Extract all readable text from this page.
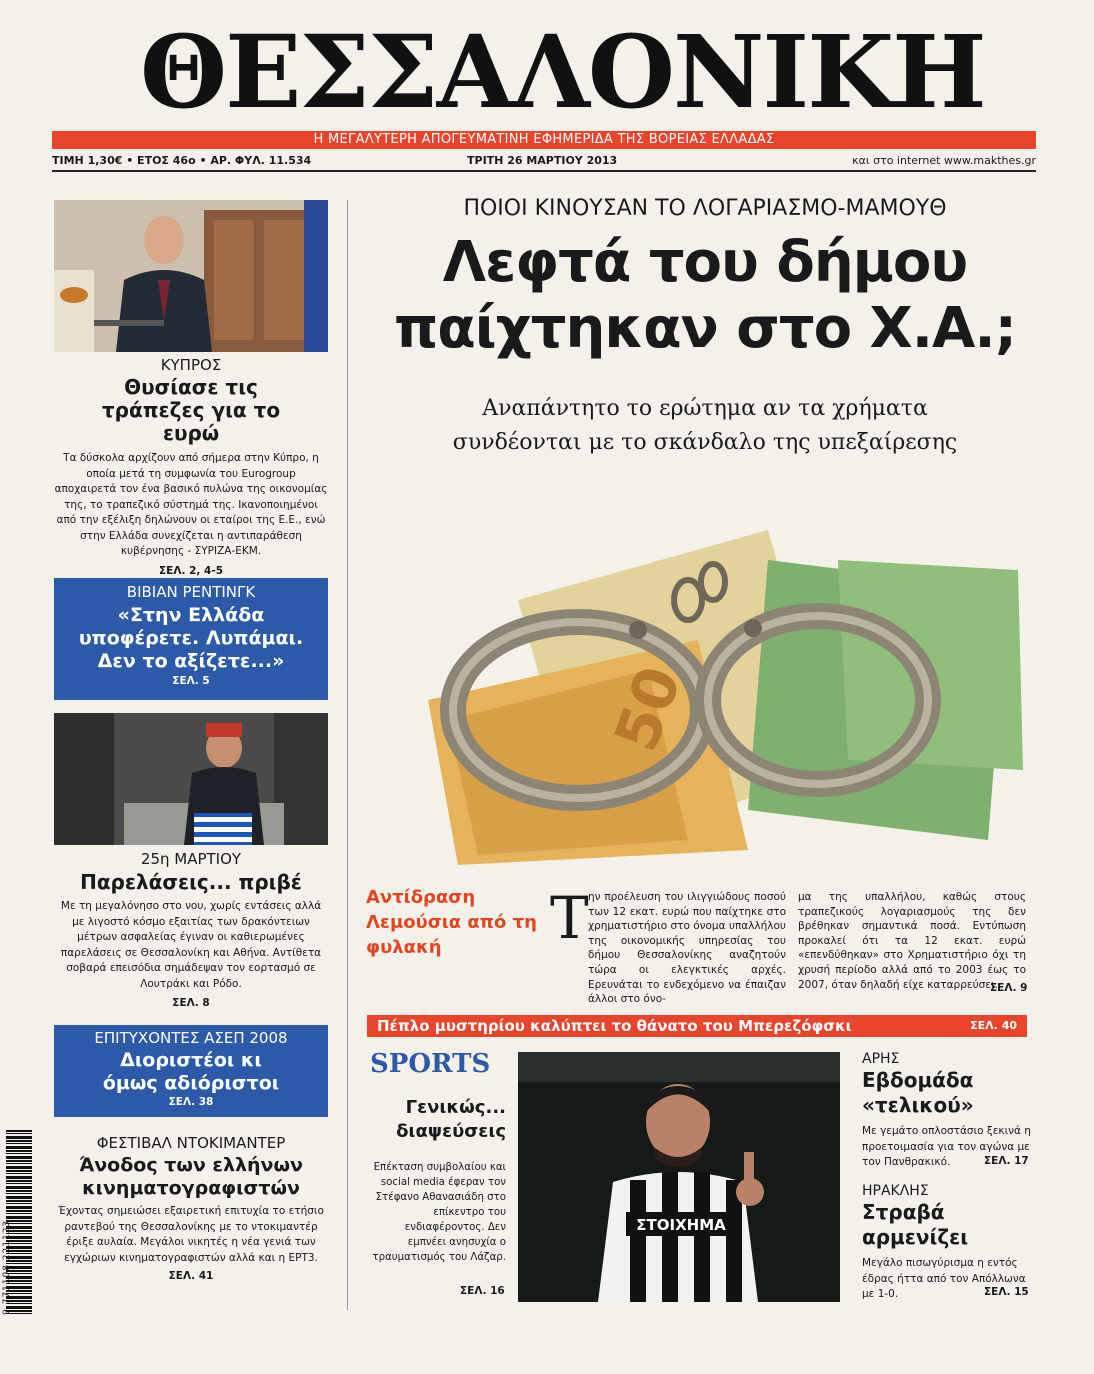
ΘΕΣΣΑΛΟΝΙΚΗ
Η ΜΕΓΑΛΥΤΕΡΗ ΑΠΟΓΕΥΜΑΤΙΝΗ ΕΦΗΜΕΡΙΔΑ ΤΗΣ ΒΟΡΕΙΑΣ ΕΛΛΑΔΑΣ
ΤΙΜΗ 1,30€ • ΕΤΟΣ 46ο • ΑΡ. ΦΥΛ. 11.534	ΤΡΙΤΗ 26 ΜΑΡΤΙΟΥ 2013	και στο internet www.makthes.gr
ΚΥΠΡΟΣ
Θυσίασε τις τράπεζες για το ευρώ
Τα δύσκολα αρχίζουν από σήμερα στην Κύπρο, η οποία μετά τη συμφωνία του Eurogroup αποχαιρετά τον ένα βασικό πυλώνα της οικονομίας της, το τραπεζικό σύστημά της. Ικανοποιημένοι από την εξέλιξη δηλώνουν οι εταίροι της Ε.Ε., ενώ στην Ελλάδα συνεχίζεται η αντιπαράθεση κυβέρνησης - ΣΥΡΙΖΑ-ΕΚΜ.
ΣΕΛ. 2, 4-5
ΒΙΒΙΑΝ ΡΕΝΤΙΝΓΚ
«Στην Ελλάδα υποφέρετε. Λυπάμαι. Δεν το αξίζετε...»
ΣΕΛ. 5
25η ΜΑΡΤΙΟΥ
Παρελάσεις... πριβέ
Με τη μεγαλόνησο στο νου, χωρίς εντάσεις αλλά με λιγοστό κόσμο εξαιτίας των δρακόντειων μέτρων ασφαλείας έγιναν οι καθιερωμένες παρελάσεις σε Θεσσαλονίκη και Αθήνα. Αντίθετα σοβαρά επεισόδια σημάδεψαν τον εορτασμό σε Λουτράκι και Ρόδο.
ΣΕΛ. 8
ΕΠΙΤΥΧΟΝΤΕΣ ΑΣΕΠ 2008
Διοριστέοι κι όμως αδιόριστοι
ΣΕΛ. 38
ΦΕΣΤΙΒΑΛ ΝΤΟΚΙΜΑΝΤΕΡ
Άνοδος των ελλήνων κινηματογραφιστών
Έχοντας σημειώσει εξαιρετική επιτυχία το ετήσιο ραντεβού της Θεσσαλονίκης με το ντοκιμαντέρ έριξε αυλαία. Μεγάλοι νικητές η νέα γενιά των εγχώριων κινηματογραφιστών αλλά και η ΕΡΤ3.
ΣΕΛ. 41
9 771108 221123
ΠΟΙΟΙ ΚΙΝΟΥΣΑΝ ΤΟ ΛΟΓΑΡΙΑΣΜΟ-ΜΑΜΟΥΘ
Λεφτά του δήμου
παίχτηκαν στο Χ.Α.;
Αναπάντητο το ερώτημα αν τα χρήματα
συνδέονται με το σκάνδαλο της υπεξαίρεσης
50
Αντίδραση Λεμούσια από τη φυλακή	Τ ην προέλευση του ιλιγγιώδους ποσού των 12 εκατ. ευρώ που παίχτηκε στο χρηματιστήριο στο όνομα υπαλλήλου της οικονομικής υπηρεσίας του δήμου Θεσσαλονίκης αναζητούν τώρα οι ελεγκτικές αρχές. Ερευνάται το ενδεχόμενο να έπαιζαν άλλοι στο όνο-
μα της υπαλλήλου, καθώς στους τραπεζικούς λογαριασμούς της δεν βρέθηκαν σημαντικά ποσά. Εντύπωση προκαλεί ότι τα 12 εκατ. ευρώ «επενδύθηκαν» στο Χρηματιστήριο όχι τη χρυσή περίοδο αλλά από το 2003 έως το 2007, όταν δηλαδή είχε καταρρεύσει.
ΣΕΛ. 9
Πέπλο μυστηρίου καλύπτει το θάνατο του Μπερεζόφσκι	ΣΕΛ. 40
SPORTS
Γενικώς... διαψεύσεις
Επέκταση συμβολαίου και social media έφεραν τον Στέφανο Αθανασιάδη στο επίκεντρο του ενδιαφέροντος. Δεν εμπνέει ανησυχία ο τραυματισμός του Λάζαρ.
ΣΕΛ. 16
ΣΤΟΙΧΗΜΑ
ΑΡΗΣ
Εβδομάδα «τελικού»
Με γεμάτο οπλοστάσιο ξεκινά η προετοιμασία για τον αγώνα με τον Πανθρακικό.	ΣΕΛ. 17
ΗΡΑΚΛΗΣ
Στραβά αρμενίζει
Μεγάλο πισωγύρισμα η εντός έδρας ήττα από τον Απόλλωνα με 1-0.	ΣΕΛ. 15
